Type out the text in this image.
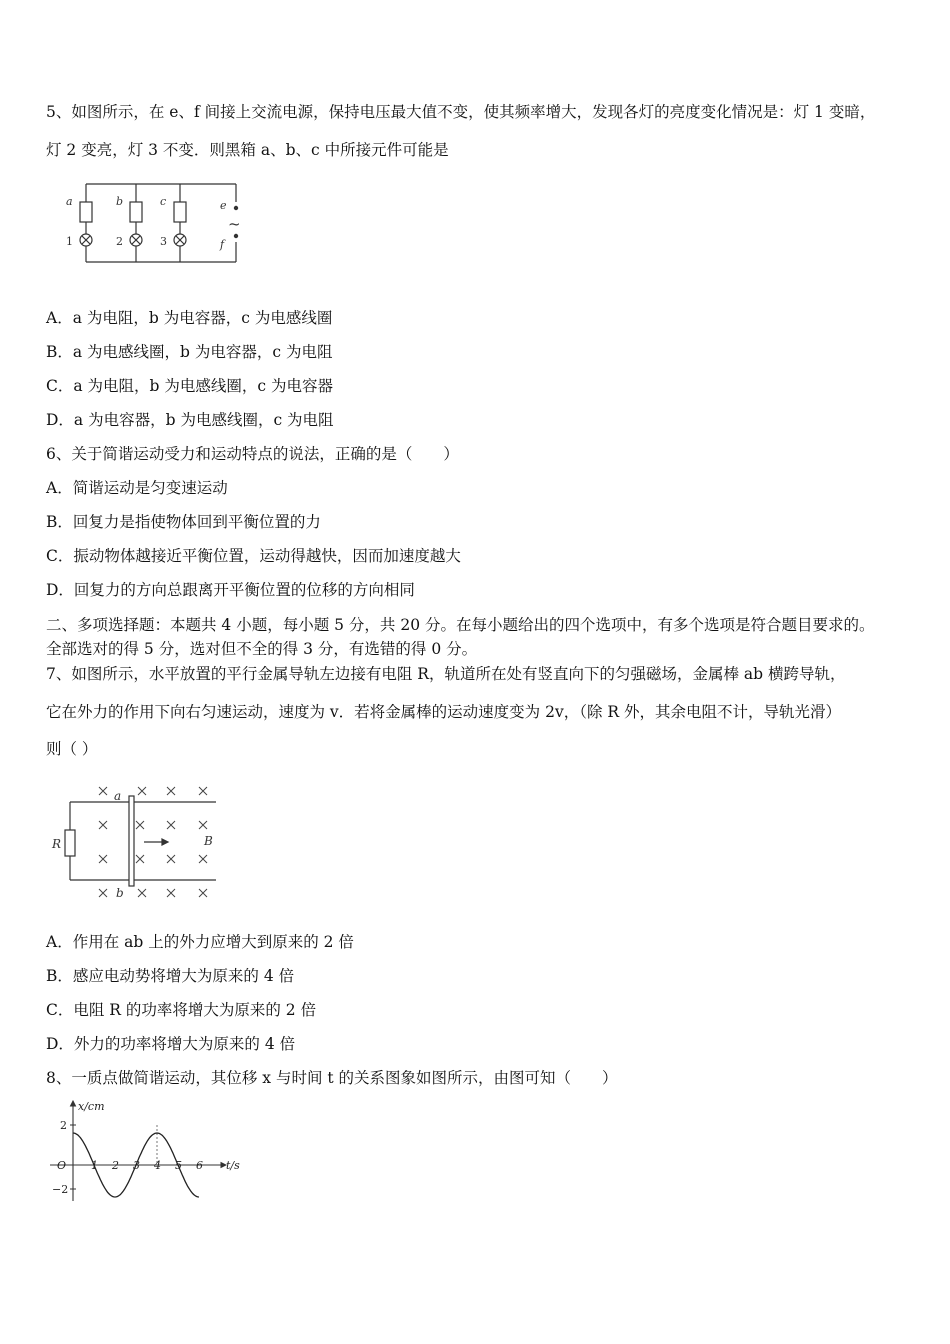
5、如图所示，在 e、f 间接上交流电源，保持电压最大值不变，使其频率增大，发现各灯的亮度变化情况是：灯 1 变暗，
灯 2 变亮，灯 3 不变．则黑箱 a、b、c 中所接元件可能是
a	b	c	e
f
1	2	3
~
A．a 为电阻，b 为电容器，c 为电感线圈
B．a 为电感线圈，b 为电容器，c 为电阻
C．a 为电阻，b 为电感线圈，c 为电容器
D．a 为电容器，b 为电感线圈，c 为电阻
6、关于简谐运动受力和运动特点的说法，正确的是（　　）
A．简谐运动是匀变速运动
B．回复力是指使物体回到平衡位置的力
C．振动物体越接近平衡位置，运动得越快，因而加速度越大
D．回复力的方向总跟离开平衡位置的位移的方向相同
二、多项选择题：本题共 4 小题，每小题 5 分，共 20 分。在每小题给出的四个选项中，有多个选项是符合题目要求的。
全部选对的得 5 分，选对但不全的得 3 分，有选错的得 0 分。
7、如图所示，水平放置的平行金属导轨左边接有电阻 R，轨道所在处有竖直向下的匀强磁场，金属棒 ab 横跨导轨，
它在外力的作用下向右匀速运动，速度为 v．若将金属棒的运动速度变为 2v，（除 R 外，其余电阻不计，导轨光滑）
则（ ）
a
b
R	B
A．作用在 ab 上的外力应增大到原来的 2 倍
B．感应电动势将增大为原来的 4 倍
C．电阻 R 的功率将增大为原来的 2 倍
D．外力的功率将增大为原来的 4 倍
8、一质点做简谐运动，其位移 x 与时间 t 的关系图象如图所示，由图可知（　　）
x/cm
t/s
O
2
−2
1 2 3 4 5 6
